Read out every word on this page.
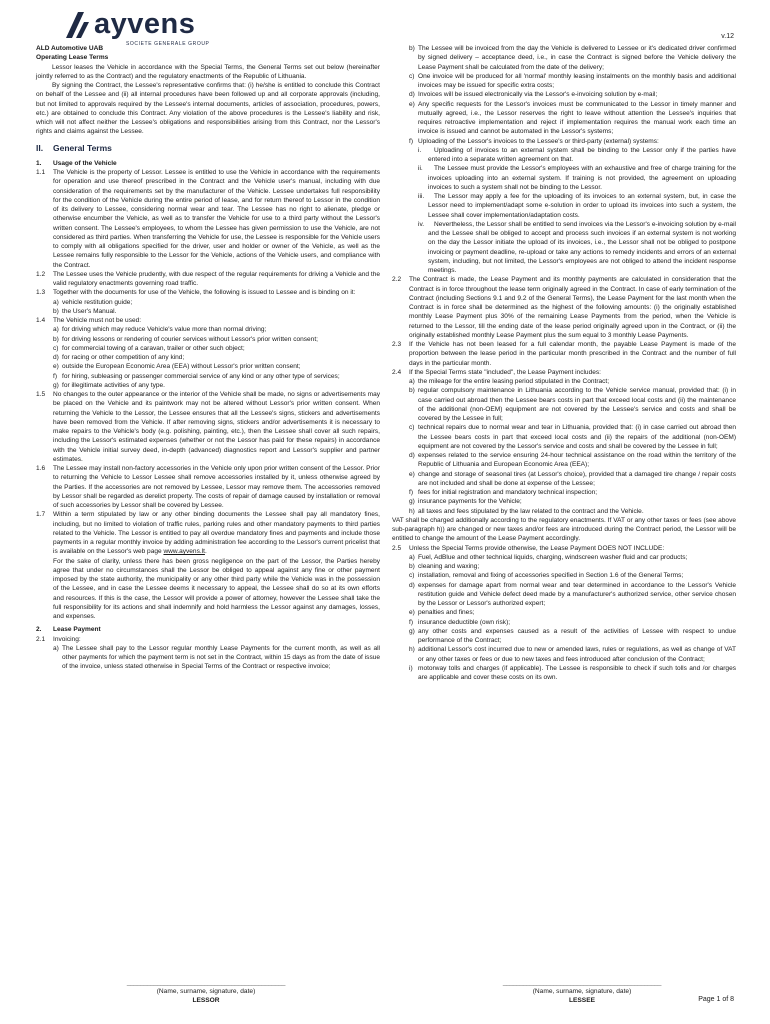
ayvens
SOCIETE GENERALE GROUP
v.12

ALD Automotive UAB

Operating Lease Terms

Lessor leases the Vehicle in accordance with the Special Terms, the General Terms set out below (hereinafter jointly referred to as the Contract) and the regulatory enactments of the Republic of Lithuania.

By signing the Contract, the Lessee's representative confirms that: (i) he/she is entitled to conclude this Contract on behalf of the Lessee and (ii) all internal procedures have been followed up and all corporate approvals (including, but not limited to approvals required by the Lessee's internal documents, articles of association, procedures, powers, etc.) are obtained to conclude this Contract. Any violation of the above procedures is the Lessee's liability and risk, which will not affect neither the Lessee's obligations and responsibilities arising from this Contract, nor the Lessor's rights and claims against the Lessee.

II. General Terms
1. Usage of the Vehicle
1.1 The Vehicle is the property of Lessor. Lessee is entitled to use the Vehicle in accordance with the requirements for operation and use thereof prescribed in the Contract and the Vehicle user's manual, including with due consideration of the requirements set by the manufacturer of the Vehicle. Lessee undertakes full responsibility for the condition of the Vehicle during the entire period of lease, and for return thereof to Lessor in the condition of its delivery to Lessee, considering normal wear and tear. The Lessee has no right to alienate, pledge or otherwise encumber the Vehicle, as well as to transfer the Vehicle for use to a third party without the Lessor's written consent. The Lessee's employees, to whom the Lessee has given permission to use the Vehicle, are not considered as third parties. When transferring the Vehicle for use, the Lessee is responsible for the Vehicle users to comply with all obligations specified for the driver, user and holder or owner of the Vehicle, as well as the Lessee remains fully responsible to the Lessor for the Vehicle, actions of the Vehicle users, and compliance with the Contract.
1.2 The Lessee uses the Vehicle prudently, with due respect of the regular requirements for driving a Vehicle and the valid regulatory enactments governing road traffic.
1.3 Together with the documents for use of the Vehicle, the following is issued to Lessee and is binding on it:
a) vehicle restitution guide;
b) the User's Manual.
1.4 The Vehicle must not be used:
a) for driving which may reduce Vehicle's value more than normal driving;
b) for driving lessons or rendering of courier services without Lessor's prior written consent;
c) for commercial towing of a caravan, trailer or other such object;
d) for racing or other competition of any kind;
e) outside the European Economic Area (EEA) without Lessor's prior written consent;
f) for hiring, subleasing or passenger commercial service of any kind or any other type of services;
g) for illegitimate activities of any type.
1.5 No changes to the outer appearance or the interior of the Vehicle shall be made, no signs or advertisements may be placed on the Vehicle and its paintwork may not be altered without Lessor's prior written consent. When returning the Vehicle to the Lessor, the Lessee ensures that all the Lessee's signs, stickers and advertisements have been removed from the Vehicle. If after removing signs, stickers and/or advertisements it is necessary to make repairs to the Vehicle's body (e.g. polishing, painting, etc.), then the Lessee shall cover all such repairs, including the Lessor's estimated expenses (whether or not the Lessor has paid for these repairs) in accordance with the Vehicle initial survey deed, in-depth (advanced) diagnostics report and Lessor's supplier and partner estimates.
1.6 The Lessee may install non-factory accessories in the Vehicle only upon prior written consent of the Lessor. Prior to returning the Vehicle to Lessor Lessee shall remove accessories installed by it, unless otherwise agreed by the Parties. If the accessories are not removed by Lessee, Lessor may remove them. The accessories removed by Lessor shall be regarded as derelict property. The costs of repair of damage caused by installation or removal of such accessories by Lessor shall be covered by Lessee.
1.7 Within a term stipulated by law or any other binding documents the Lessee shall pay all mandatory fines, including, but no limited to violation of traffic rules, parking rules and other mandatory payments to third parties related to the Vehicle. The Lessor is entitled to pay all overdue mandatory fines and payments and include those payments in a regular monthly invoice by adding administration fee according to the Lessor's current pricelist that is available on the Lessor's web page www.ayvens.lt.

For the sake of clarity, unless there has been gross negligence on the part of the Lessor, the Parties hereby agree that under no circumstances shall the Lessor be obliged to appeal against any fine or other payment imposed by the state authority, the municipality or any other third party while the Vehicle was in the possession of the Lessee, and in case the Lessee deems it necessary to appeal, the Lessee shall do so at its own efforts and resources. If this is the case, the Lessor will provide a power of attorney, however the Lessee shall take the full responsibility for its actions and shall indemnify and hold harmless the Lessor against any damages, losses, and expenses.

2. Lease Payment
2.1 Invoicing:
a) The Lessee shall pay to the Lessor regular monthly Lease Payments for the current month, as well as all other payments for which the payment term is not set in the Contract, within 15 days as from the date of issue of the invoice, unless stated otherwise in Special Terms of the Contract or respective invoice;
b) The Lessee will be invoiced from the day the Vehicle is delivered to Lessee or it's dedicated driver confirmed by signed delivery – acceptance deed, i.e., in case the Contract is signed before the Vehicle delivery the Lease Payment shall be calculated from the date of the delivery;
c) One invoice will be produced for all 'normal' monthly leasing instalments on the monthly basis and additional invoices may be issued for specific extra costs;
d) Invoices will be issued electronically via the Lessor's e-invoicing solution by e-mail;
e) Any specific requests for the Lessor's invoices must be communicated to the Lessor in timely manner and mutually agreed, i.e., the Lessor reserves the right to leave without attention the Lessee's inquiries that requires retroactive implementation and reject if implementation requires the manual work each time an invoice is issued and cannot be automated in the Lessor's systems;
f) Uploading of the Lessor's invoices to the Lessee's or third-party (external) systems:
i. Uploading of invoices to an external system shall be binding to the Lessor only if the parties have entered into a separate written agreement on that.
ii. The Lessee must provide the Lessor's employees with an exhaustive and free of charge training for the invoices uploading into an external system. If training is not provided, the agreement on uploading invoices to such a system shall not be binding to the Lessor.
iii. The Lessor may apply a fee for the uploading of its invoices to an external system, but, in case the Lessor need to implement/adapt some e-solution in order to upload its invoices into such a system, the Lessee shall cover implementation/adaptation costs.
iv. Nevertheless, the Lessor shall be entitled to send invoices via the Lessor's e-invoicing solution by e-mail and the Lessee shall be obliged to accept and process such invoices if an external system is not working on the day the Lessor initiate the upload of its invoices, i.e., the Lessor shall not be obliged to postpone invoicing or payment deadline, re-upload or take any actions to remedy incidents and errors of an external system, including, but not limited, the Lessor's employees are not obliged to attend the incident response meetings.
2.2 The Contract is made, the Lease Payment and its monthly payments are calculated in consideration that the Contract is in force throughout the lease term originally agreed in the Contract. In case of early termination of the Contract (including Sections 9.1 and 9.2 of the General Terms), the Lease Payment for the last month when the Contract is in force shall be determined as the highest of the following amounts: (i) the originally established monthly Lease Payment plus 30% of the remaining Lease Payments from the period, when the Vehicle is returned to the Lessor, till the ending date of the lease period originally agreed upon in the Contract, or (ii) the originally established monthly Lease Payment plus the sum equal to 3 monthly Lease Payments.
2.3 If the Vehicle has not been leased for a full calendar month, the payable Lease Payment is made of the proportion between the lease period in the particular month prescribed in the Contract and the number of full days in the particular month.
2.4 If the Special Terms state "included", the Lease Payment includes:
a) the mileage for the entire leasing period stipulated in the Contract;
b) regular compulsory maintenance in Lithuania according to the Vehicle service manual, provided that: (i) in case carried out abroad then the Lessee bears costs in part that exceed local costs and (ii) the maintenance of the additional (non-OEM) equipment are not covered by the Lessee's service and costs and shall be covered by the Lessee in full;
c) technical repairs due to normal wear and tear in Lithuania, provided that: (i) in case carried out abroad then the Lessee bears costs in part that exceed local costs and (ii) the repairs of the additional (non-OEM) equipment are not covered by the Lessor's service and costs and shall be covered by the Lessee in full;
d) expenses related to the service ensuring 24-hour technical assistance on the road within the territory of the Republic of Lithuania and European Economic Area (EEA);
e) change and storage of seasonal tires (at Lessor's choice), provided that a damaged tire change / repair costs are not included and shall be done at expense of the Lessee;
f) fees for initial registration and mandatory technical inspection;
g) insurance payments for the Vehicle;
h) all taxes and fees stipulated by the law related to the contract and the Vehicle.

VAT shall be charged additionally according to the regulatory enactments. If VAT or any other taxes or fees (see above sub-paragraph h)) are changed or new taxes and/or fees are introduced during the Contract period, the Lessor will be entitled to change the amount of the Lease Payment accordingly.

2.5 Unless the Special Terms provide otherwise, the Lease Payment DOES NOT INCLUDE:
a) Fuel, AdBlue and other technical liquids, charging, windscreen washer fluid and car products;
b) cleaning and waxing;
c) installation, removal and fixing of accessories specified in Section 1.6 of the General Terms;
d) expenses for damage apart from normal wear and tear determined in accordance to the Lessor's Vehicle restitution guide and Vehicle defect deed made by a manufacturer's authorized service, other service chosen by the Lessor or Lessor's authorized expert;
e) penalties and fines;
f) insurance deductible (own risk);
g) any other costs and expenses caused as a result of the activities of Lessee with respect to undue performance of the Contract;
h) additional Lessor's cost incurred due to new or amended laws, rules or regulations, as well as change of VAT or any other taxes or fees or due to new taxes and fees introduced after conclusion of the Contract;
i) motorway tolls and charges (if applicable). The Lessee is responsible to check if such tolls and /or charges are applicable and cover these costs on its own.
_______________________________________________
(Name, surname, signature, date)
LESSOR
_______________________________________________
(Name, surname, signature, date)
LESSEE	Page 1 of 8
